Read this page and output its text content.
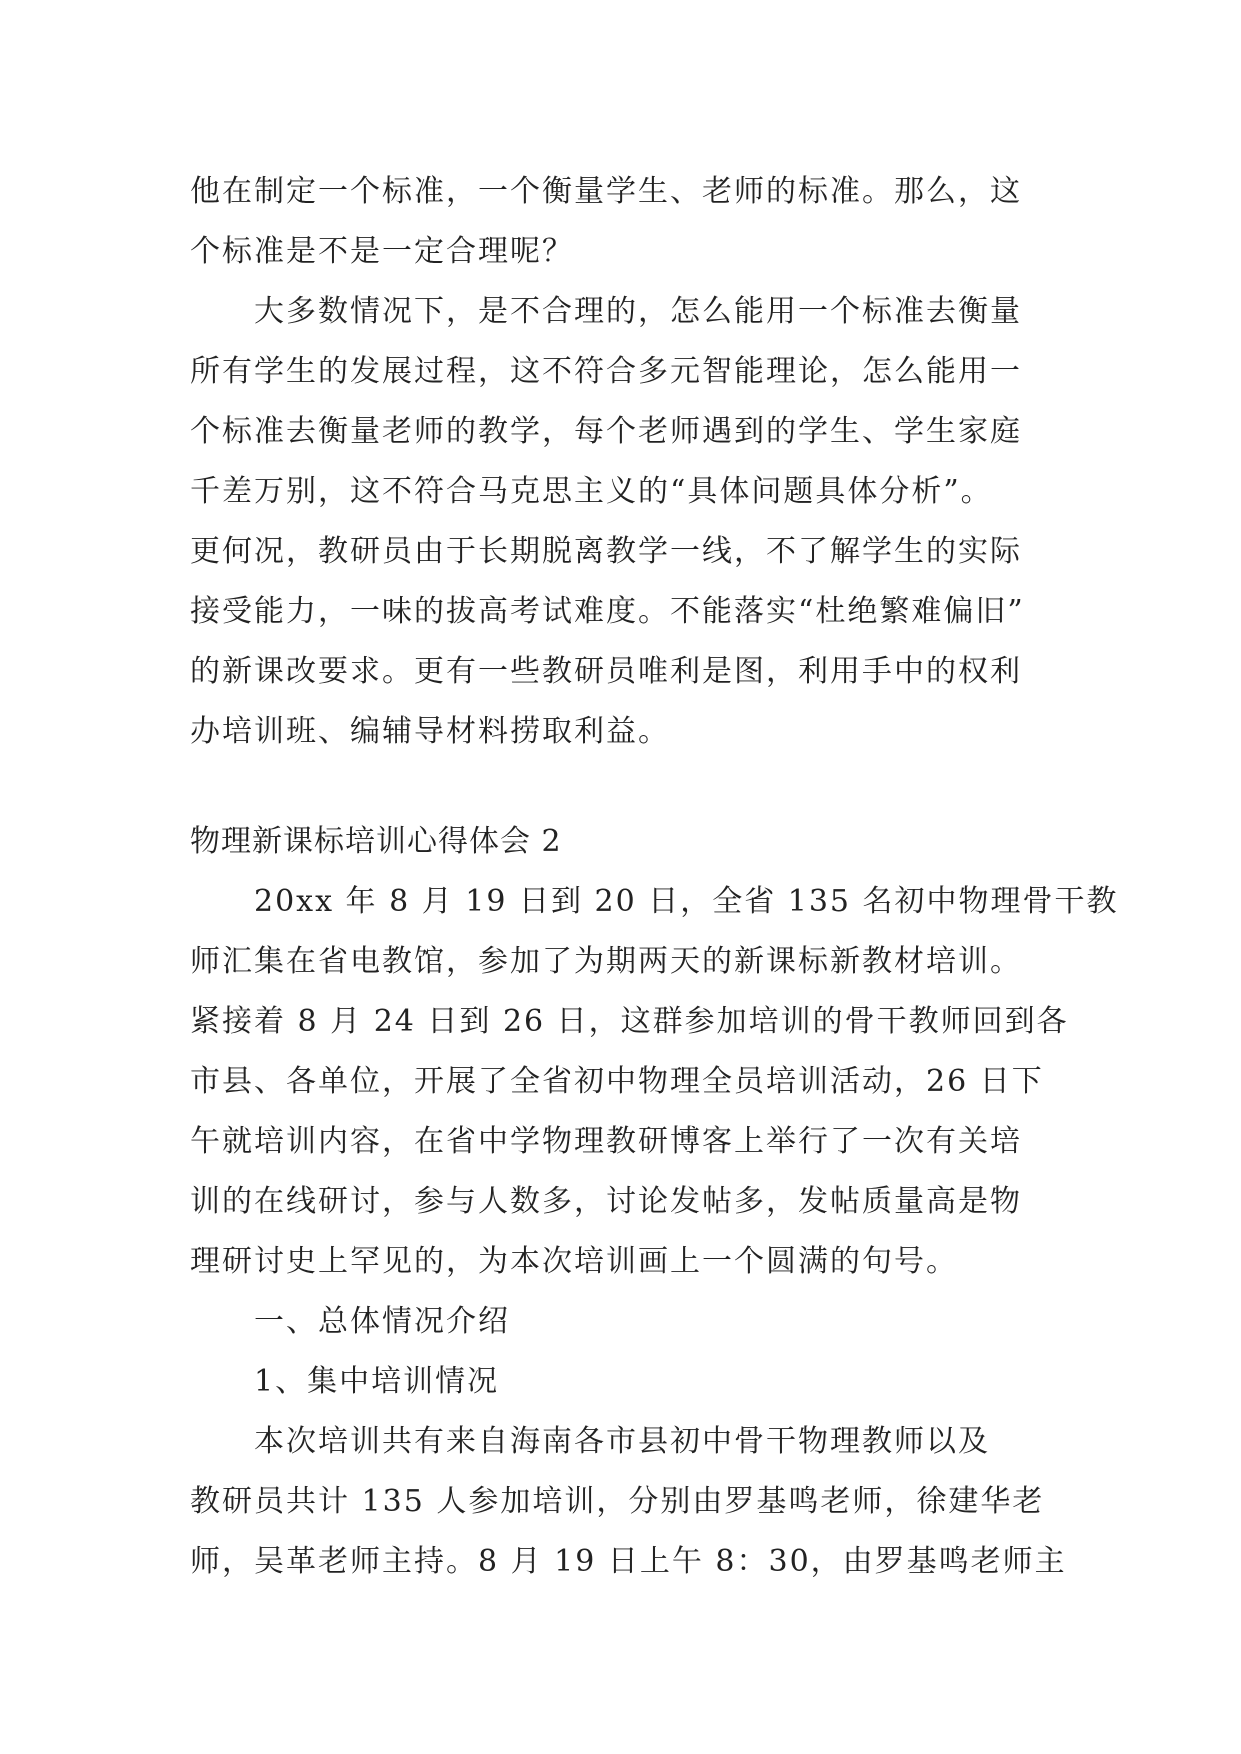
他在制定一个标准，一个衡量学生、老师的标准。那么，这
个标准是不是一定合理呢？
大多数情况下，是不合理的，怎么能用一个标准去衡量
所有学生的发展过程，这不符合多元智能理论，怎么能用一
个标准去衡量老师的教学，每个老师遇到的学生、学生家庭
千差万别，这不符合马克思主义的“具体问题具体分析”。
更何况，教研员由于长期脱离教学一线，不了解学生的实际
接受能力，一味的拔高考试难度。不能落实“杜绝繁难偏旧”
的新课改要求。更有一些教研员唯利是图，利用手中的权利
办培训班、编辅导材料捞取利益。
物理新课标培训心得体会 2
20xx 年 8 月 19 日到 20 日，全省 135 名初中物理骨干教
师汇集在省电教馆，参加了为期两天的新课标新教材培训。
紧接着 8 月 24 日到 26 日，这群参加培训的骨干教师回到各
市县、各单位，开展了全省初中物理全员培训活动，26 日下
午就培训内容，在省中学物理教研博客上举行了一次有关培
训的在线研讨，参与人数多，讨论发帖多，发帖质量高是物
理研讨史上罕见的，为本次培训画上一个圆满的句号。
一、总体情况介绍
1、集中培训情况
本次培训共有来自海南各市县初中骨干物理教师以及
教研员共计 135 人参加培训，分别由罗基鸣老师，徐建华老
师，吴革老师主持。8 月 19 日上午 8：30，由罗基鸣老师主
